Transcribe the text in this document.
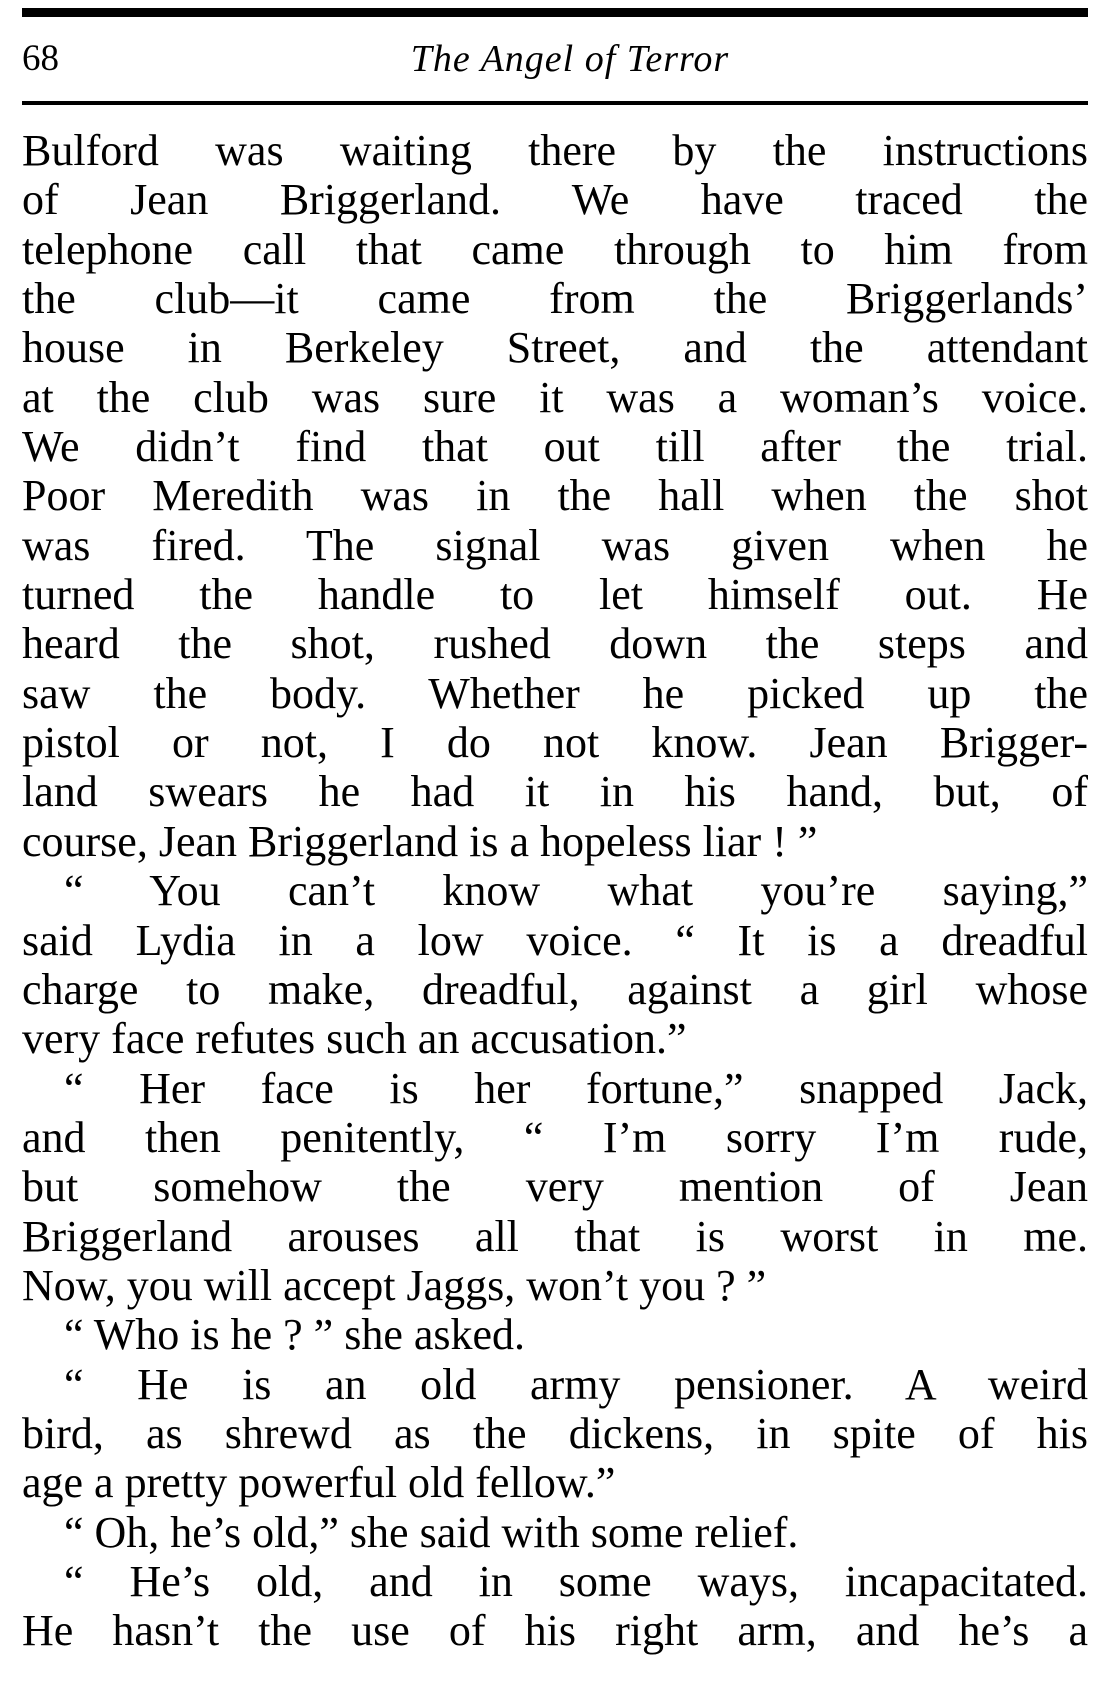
68	The Angel of Terror
Bulford was waiting there by the instructions
of Jean Briggerland. We have traced the
telephone call that came through to him from
the club—it came from the Briggerlands’
house in Berkeley Street, and the attendant
at the club was sure it was a woman’s voice.
We didn’t find that out till after the trial.
Poor Meredith was in the hall when the shot
was fired. The signal was given when he
turned the handle to let himself out. He
heard the shot, rushed down the steps and
saw the body. Whether he picked up the
pistol or not, I do not know. Jean Brigger-
land swears he had it in his hand, but, of
course, Jean Briggerland is a hopeless liar ! ”
“ You can’t know what you’re saying,”
said Lydia in a low voice. “ It is a dreadful
charge to make, dreadful, against a girl whose
very face refutes such an accusation.”
“ Her face is her fortune,” snapped Jack,
and then penitently, “ I’m sorry I’m rude,
but somehow the very mention of Jean
Briggerland arouses all that is worst in me.
Now, you will accept Jaggs, won’t you ? ”
“ Who is he ? ” she asked.
“ He is an old army pensioner. A weird
bird, as shrewd as the dickens, in spite of his
age a pretty powerful old fellow.”
“ Oh, he’s old,” she said with some relief.
“ He’s old, and in some ways, incapacitated.
He hasn’t the use of his right arm, and he’s a
